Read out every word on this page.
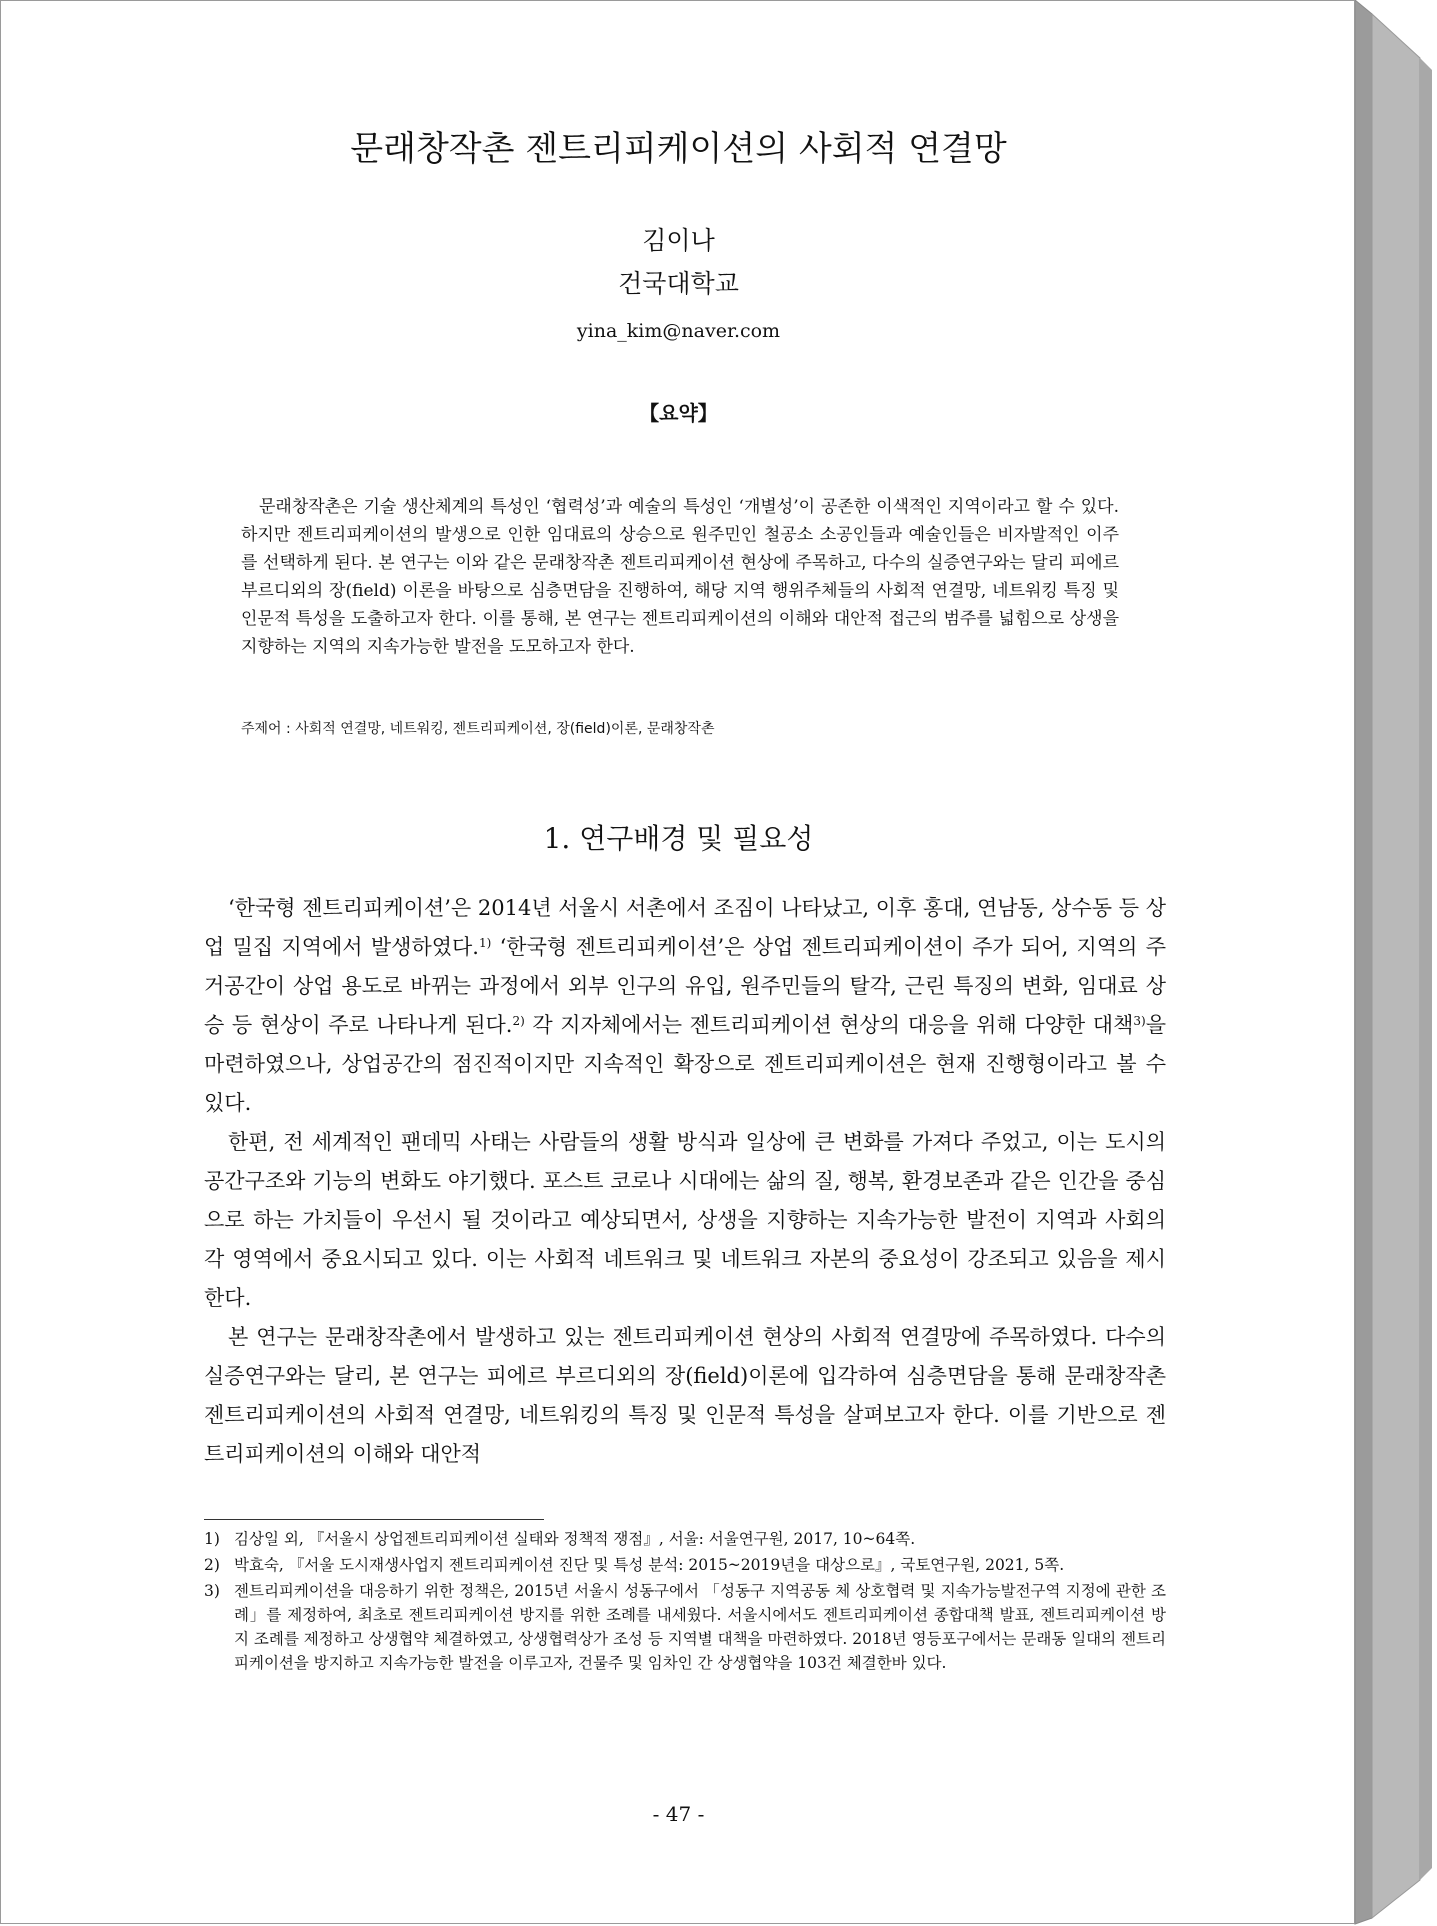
문래창작촌 젠트리피케이션의 사회적 연결망
김이나
건국대학교
yina_kim@naver.com
【요약】

문래창작촌은 기술 생산체계의 특성인 ‘협력성’과 예술의 특성인 ‘개별성’이 공존한 이색적인 지역이라고 할 수 있다. 하지만 젠트리피케이션의 발생으로 인한 임대료의 상승으로 원주민인 철공소 소공인들과 예술인들은 비자발적인 이주를 선택하게 된다. 본 연구는 이와 같은 문래창작촌 젠트리피케이션 현상에 주목하고, 다수의 실증연구와는 달리 피에르 부르디외의 장(field) 이론을 바탕으로 심층면담을 진행하여, 해당 지역 행위주체들의 사회적 연결망, 네트워킹 특징 및 인문적 특성을 도출하고자 한다. 이를 통해, 본 연구는 젠트리피케이션의 이해와 대안적 접근의 범주를 넓힘으로 상생을 지향하는 지역의 지속가능한 발전을 도모하고자 한다.

주제어 : 사회적 연결망, 네트워킹, 젠트리피케이션, 장(field)이론, 문래창작촌
1. 연구배경 및 필요성

‘한국형 젠트리피케이션’은 2014년 서울시 서촌에서 조짐이 나타났고, 이후 홍대, 연남동, 상수동 등 상업 밀집 지역에서 발생하였다.$^{1)}$ ‘한국형 젠트리피케이션’은 상업 젠트리피케이션이 주가 되어, 지역의 주거공간이 상업 용도로 바뀌는 과정에서 외부 인구의 유입, 원주민들의 탈각, 근린 특징의 변화, 임대료 상승 등 현상이 주로 나타나게 된다.$^{2)}$ 각 지자체에서는 젠트리피케이션 현상의 대응을 위해 다양한 대책$^{3)}$을 마련하였으나, 상업공간의 점진적이지만 지속적인 확장으로 젠트리피케이션은 현재 진행형이라고 볼 수 있다.

한편, 전 세계적인 팬데믹 사태는 사람들의 생활 방식과 일상에 큰 변화를 가져다 주었고, 이는 도시의 공간구조와 기능의 변화도 야기했다. 포스트 코로나 시대에는 삶의 질, 행복, 환경보존과 같은 인간을 중심으로 하는 가치들이 우선시 될 것이라고 예상되면서, 상생을 지향하는 지속가능한 발전이 지역과 사회의 각 영역에서 중요시되고 있다. 이는 사회적 네트워크 및 네트워크 자본의 중요성이 강조되고 있음을 제시한다.

본 연구는 문래창작촌에서 발생하고 있는 젠트리피케이션 현상의 사회적 연결망에 주목하였다. 다수의 실증연구와는 달리, 본 연구는 피에르 부르디외의 장(field)이론에 입각하여 심층면담을 통해 문래창작촌 젠트리피케이션의 사회적 연결망, 네트워킹의 특징 및 인문적 특성을 살펴보고자 한다. 이를 기반으로 젠트리피케이션의 이해와 대안적

1) 김상일 외, 『서울시 상업젠트리피케이션 실태와 정책적 쟁점』, 서울: 서울연구원, 2017, 10~64쪽.
2) 박효숙, 『서울 도시재생사업지 젠트리피케이션 진단 및 특성 분석: 2015~2019년을 대상으로』, 국토연구원, 2021, 5쪽.
3) 젠트리피케이션을 대응하기 위한 정책은, 2015년 서울시 성동구에서 「성동구 지역공동 체 상호협력 및 지속가능발전구역 지정에 관한 조례」를 제정하여, 최초로 젠트리피케이션 방지를 위한 조례를 내세웠다. 서울시에서도 젠트리피케이션 종합대책 발표, 젠트리피케이션 방지 조례를 제정하고 상생협약 체결하였고, 상생협력상가 조성 등 지역별 대책을 마련하였다. 2018년 영등포구에서는 문래동 일대의 젠트리피케이션을 방지하고 지속가능한 발전을 이루고자, 건물주 및 임차인 간 상생협약을 103건 체결한바 있다.
- 47 -
